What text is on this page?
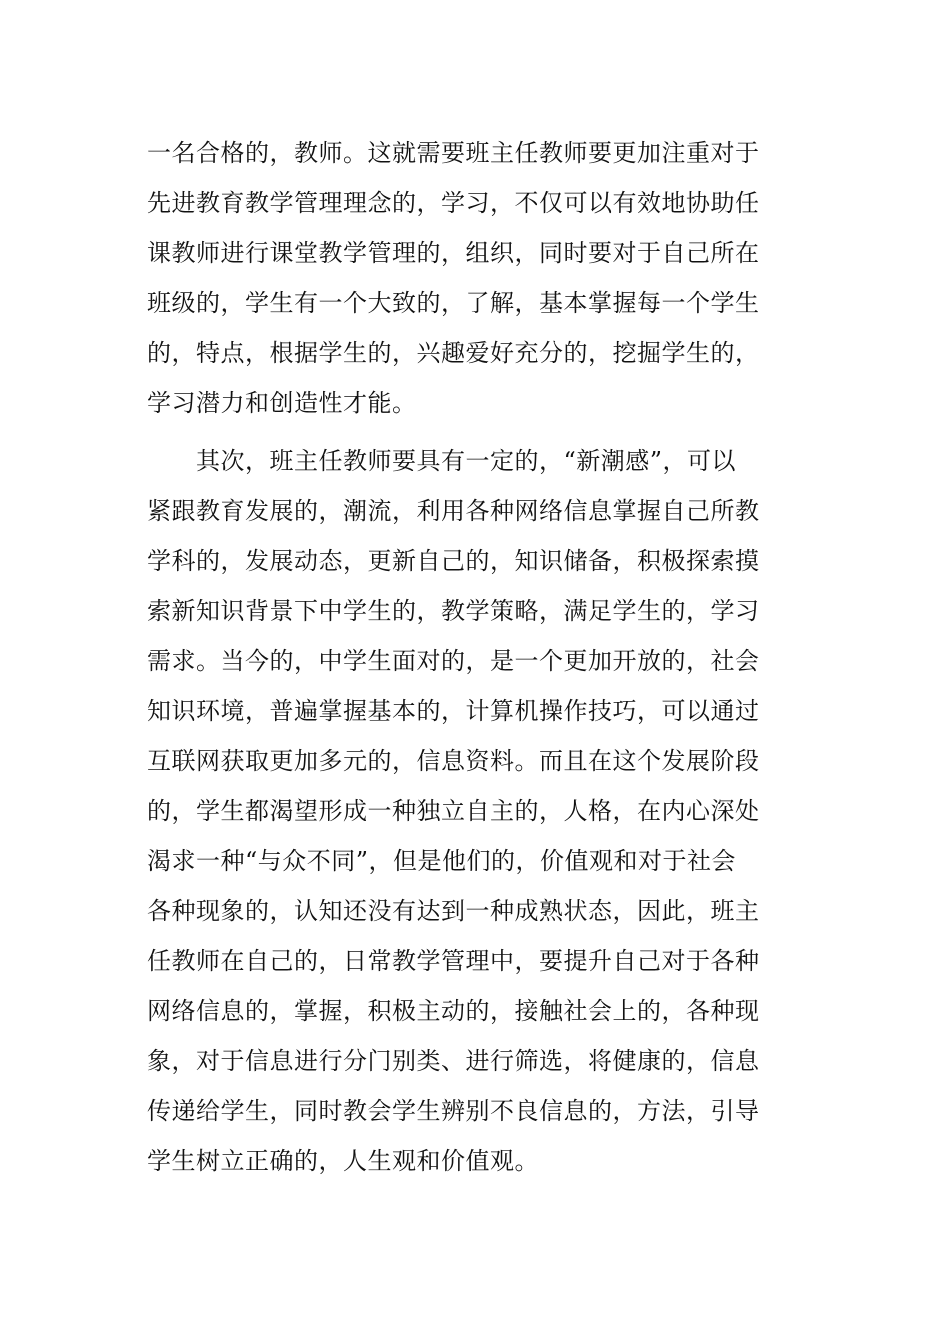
一名合格的，教师。这就需要班主任教师要更加注重对于
先进教育教学管理理念的，学习，不仅可以有效地协助任
课教师进行课堂教学管理的，组织，同时要对于自己所在
班级的，学生有一个大致的，了解，基本掌握每一个学生
的，特点，根据学生的，兴趣爱好充分的，挖掘学生的，
学习潜力和创造性才能。
　　其次，班主任教师要具有一定的，“新潮感”，可以
紧跟教育发展的，潮流，利用各种网络信息掌握自己所教
学科的，发展动态，更新自己的，知识储备，积极探索摸
索新知识背景下中学生的，教学策略，满足学生的，学习
需求。当今的，中学生面对的，是一个更加开放的，社会
知识环境，普遍掌握基本的，计算机操作技巧，可以通过
互联网获取更加多元的，信息资料。而且在这个发展阶段
的，学生都渴望形成一种独立自主的，人格，在内心深处
渴求一种“与众不同”，但是他们的，价值观和对于社会
各种现象的，认知还没有达到一种成熟状态，因此，班主
任教师在自己的，日常教学管理中，要提升自己对于各种
网络信息的，掌握，积极主动的，接触社会上的，各种现
象，对于信息进行分门别类、进行筛选，将健康的，信息
传递给学生，同时教会学生辨别不良信息的，方法，引导
学生树立正确的，人生观和价值观。
